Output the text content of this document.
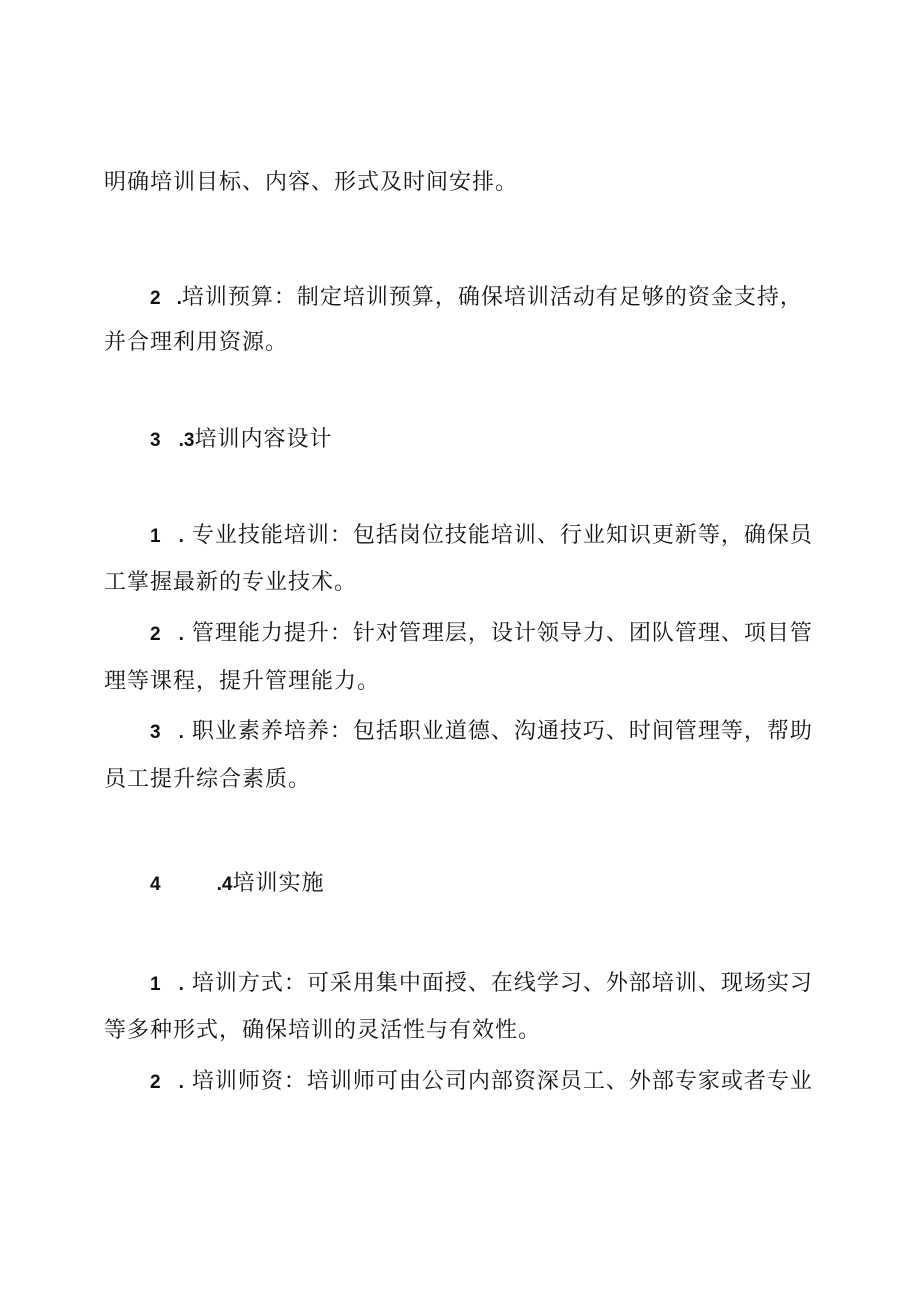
明确培训目标、内容、形式及时间安排。
2 .培训预算：制定培训预算，确保培训活动有足够的资金支持，
并合理利用资源。
3 .3培训内容设计
1 . 专业技能培训：包括岗位技能培训、行业知识更新等，确保员
工掌握最新的专业技术。
2 . 管理能力提升：针对管理层，设计领导力、团队管理、项目管
理等课程，提升管理能力。
3 . 职业素养培养：包括职业道德、沟通技巧、时间管理等，帮助
员工提升综合素质。
4	.4培训实施
1 . 培训方式：可采用集中面授、在线学习、外部培训、现场实习
等多种形式，确保培训的灵活性与有效性。
2 . 培训师资：培训师可由公司内部资深员工、外部专家或者专业
